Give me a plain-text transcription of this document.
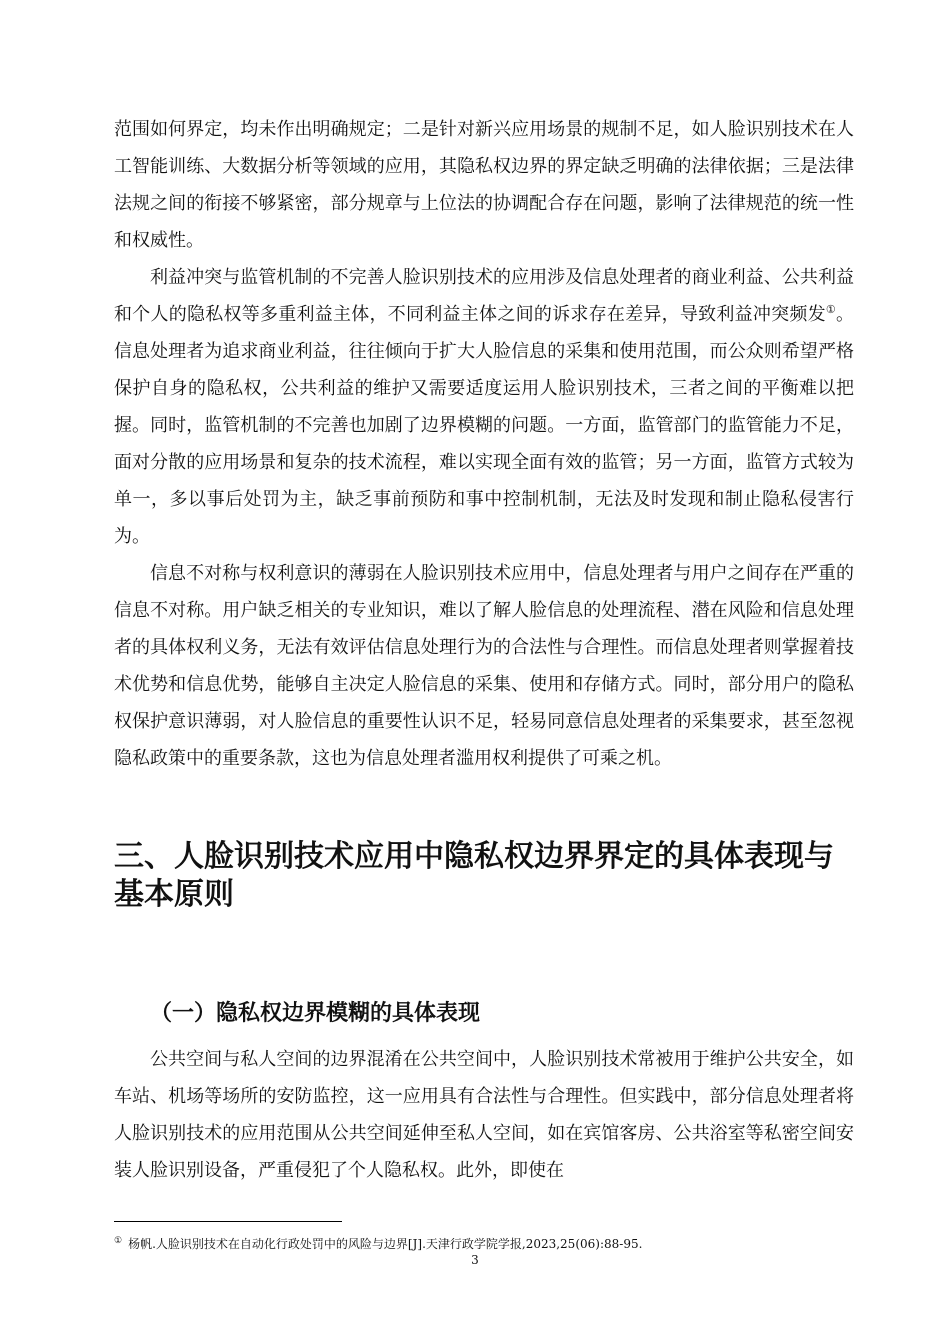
范围如何界定，均未作出明确规定；二是针对新兴应用场景的规制不足，如人脸识别技术在人工智能训练、大数据分析等领域的应用，其隐私权边界的界定缺乏明确的法律依据；三是法律法规之间的衔接不够紧密，部分规章与上位法的协调配合存在问题，影响了法律规范的统一性和权威性。

利益冲突与监管机制的不完善人脸识别技术的应用涉及信息处理者的商业利益、公共利益和个人的隐私权等多重利益主体，不同利益主体之间的诉求存在差异，导致利益冲突频发①。信息处理者为追求商业利益，往往倾向于扩大人脸信息的采集和使用范围，而公众则希望严格保护自身的隐私权，公共利益的维护又需要适度运用人脸识别技术，三者之间的平衡难以把握。同时，监管机制的不完善也加剧了边界模糊的问题。一方面，监管部门的监管能力不足，面对分散的应用场景和复杂的技术流程，难以实现全面有效的监管；另一方面，监管方式较为单一，多以事后处罚为主，缺乏事前预防和事中控制机制，无法及时发现和制止隐私侵害行为。

信息不对称与权利意识的薄弱在人脸识别技术应用中，信息处理者与用户之间存在严重的信息不对称。用户缺乏相关的专业知识，难以了解人脸信息的处理流程、潜在风险和信息处理者的具体权利义务，无法有效评估信息处理行为的合法性与合理性。而信息处理者则掌握着技术优势和信息优势，能够自主决定人脸信息的采集、使用和存储方式。同时，部分用户的隐私权保护意识薄弱，对人脸信息的重要性认识不足，轻易同意信息处理者的采集要求，甚至忽视隐私政策中的重要条款，这也为信息处理者滥用权利提供了可乘之机。

三、人脸识别技术应用中隐私权边界界定的具体表现与基本原则
（一）隐私权边界模糊的具体表现

公共空间与私人空间的边界混淆在公共空间中，人脸识别技术常被用于维护公共安全，如车站、机场等场所的安防监控，这一应用具有合法性与合理性。但实践中，部分信息处理者将人脸识别技术的应用范围从公共空间延伸至私人空间，如在宾馆客房、公共浴室等私密空间安装人脸识别设备，严重侵犯了个人隐私权。此外，即使在

① 杨帆.人脸识别技术在自动化行政处罚中的风险与边界[J].天津行政学院学报,2023,25(06):88-95.
3
